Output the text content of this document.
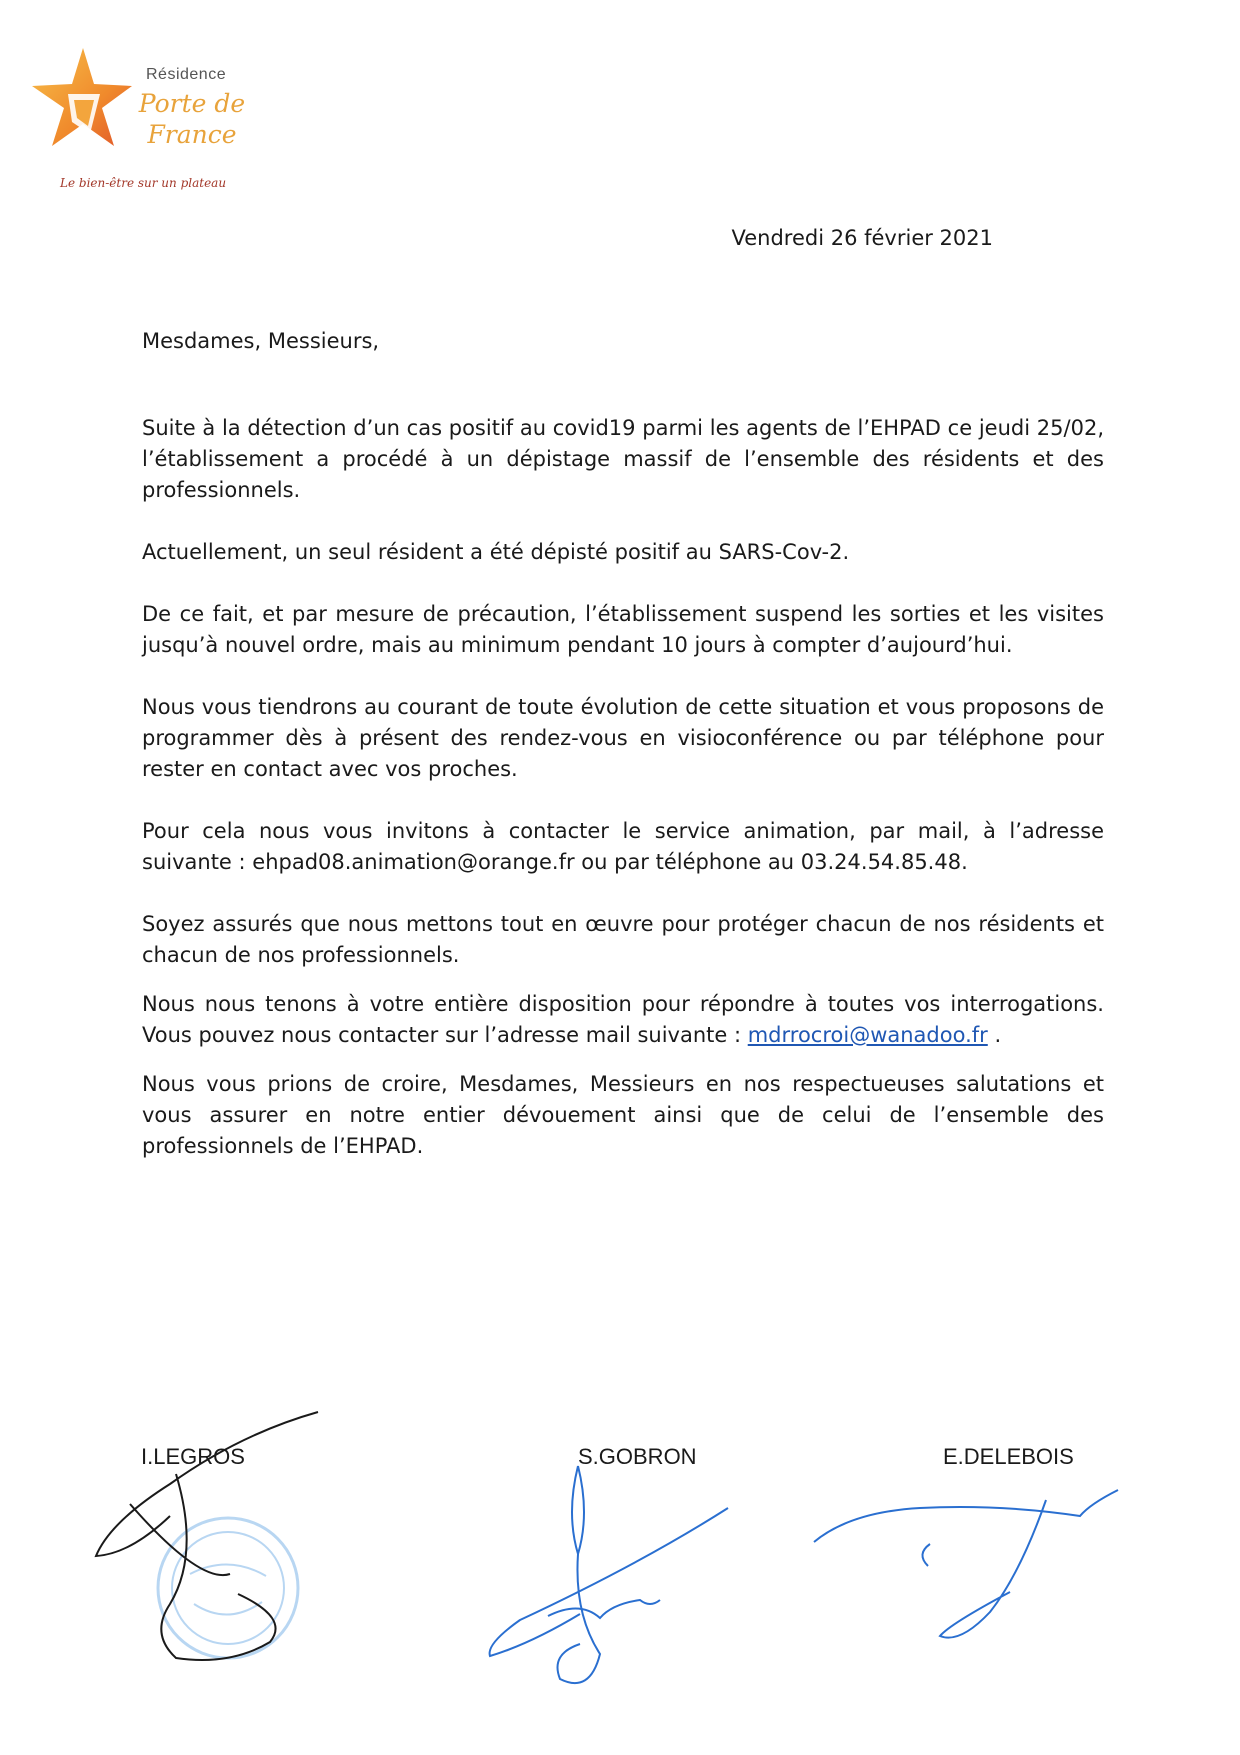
Résidence
Porte de
France
Le bien-être sur un plateau
Vendredi 26 février 2021

Mesdames, Messieurs,

Suite à la détection d’un cas positif au covid19 parmi les agents de l’EHPAD ce jeudi 25/02, l’établissement a procédé à un dépistage massif de l’ensemble des résidents et des professionnels.

Actuellement, un seul résident a été dépisté positif au SARS-Cov-2.

De ce fait, et par mesure de précaution, l’établissement suspend les sorties et les visites jusqu’à nouvel ordre, mais au minimum pendant 10 jours à compter d’aujourd’hui.

Nous vous tiendrons au courant de toute évolution de cette situation et vous proposons de programmer dès à présent des rendez-vous en visioconférence ou par téléphone pour rester en contact avec vos proches.

Pour cela nous vous invitons à contacter le service animation, par mail, à l’adresse suivante : ehpad08.animation@orange.fr ou par téléphone au 03.24.54.85.48.

Soyez assurés que nous mettons tout en œuvre pour protéger chacun de nos résidents et chacun de nos professionnels.

Nous nous tenons à votre entière disposition pour répondre à toutes vos interrogations. Vous pouvez nous contacter sur l’adresse mail suivante : mdrrocroi@wanadoo.fr .

Nous vous prions de croire, Mesdames, Messieurs en nos respectueuses salutations et vous assurer en notre entier dévouement ainsi que de celui de l’ensemble des professionnels de l’EHPAD.

I.LEGROS	S.GOBRON	E.DELEBOIS
